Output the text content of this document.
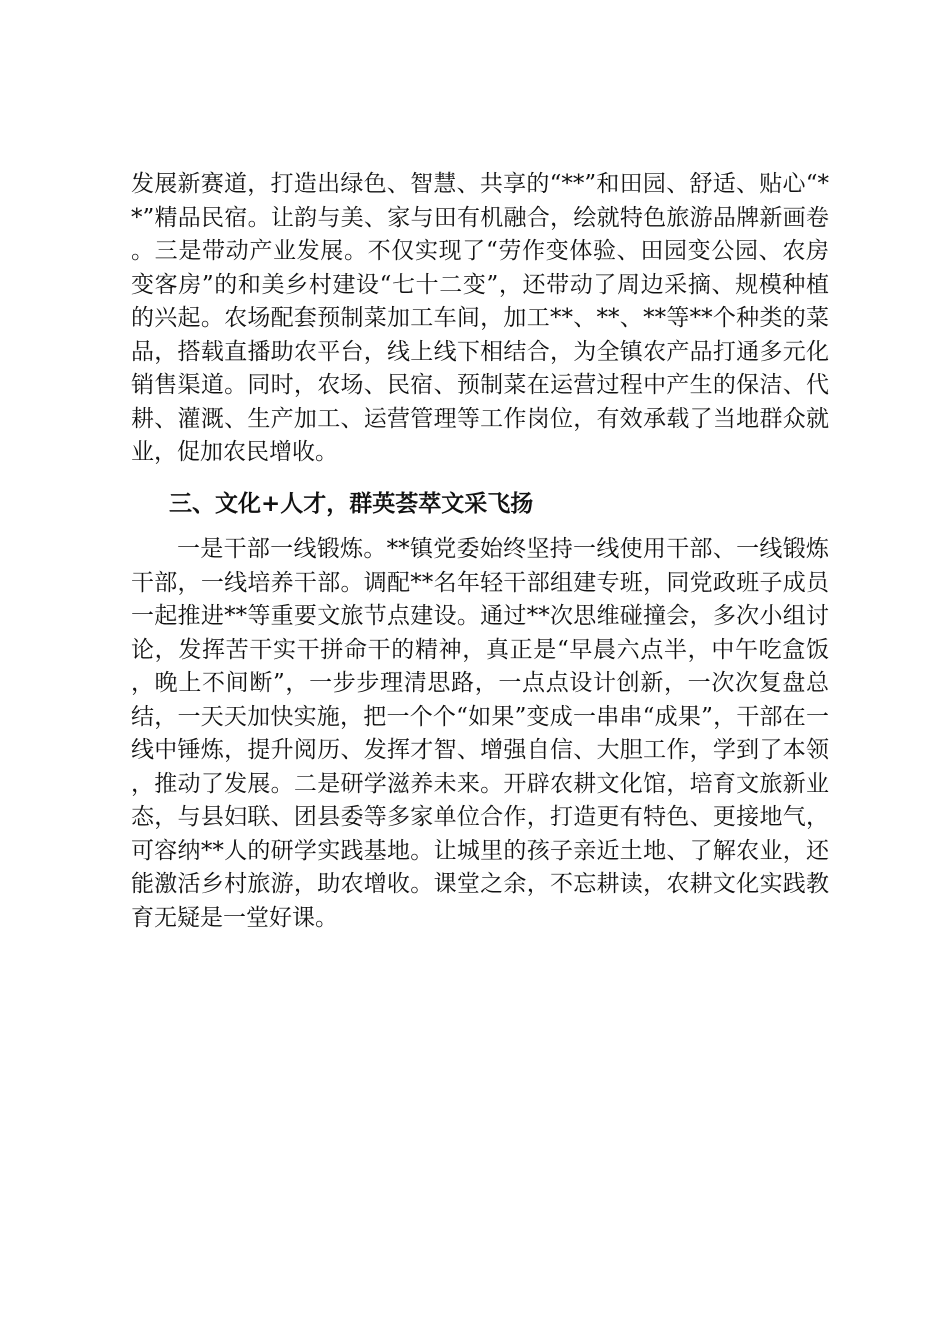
发展新赛道，打造出绿色、智慧、共享的“**”和田园、舒适、贴心“**”精品民宿。让韵与美、家与田有机融合，绘就特色旅游品牌新画卷。三是带动产业发展。不仅实现了“劳作变体验、田园变公园、农房变客房”的和美乡村建设“七十二变”，还带动了周边采摘、规模种植的兴起。农场配套预制菜加工车间，加工**、**、**等**个种类的菜品，搭载直播助农平台，线上线下相结合，为全镇农产品打通多元化销售渠道。同时，农场、民宿、预制菜在运营过程中产生的保洁、代耕、灌溉、生产加工、运营管理等工作岗位，有效承载了当地群众就业，促加农民增收。

三、文化+人才，群英荟萃文采飞扬

一是干部一线锻炼。**镇党委始终坚持一线使用干部、一线锻炼干部，一线培养干部。调配**名年轻干部组建专班，同党政班子成员一起推进**等重要文旅节点建设。通过**次思维碰撞会，多次小组讨论，发挥苦干实干拼命干的精神，真正是“早晨六点半，中午吃盒饭，晚上不间断”，一步步理清思路，一点点设计创新，一次次复盘总结，一天天加快实施，把一个个“如果”变成一串串“成果”，干部在一线中锤炼，提升阅历、发挥才智、增强自信、大胆工作，学到了本领，推动了发展。二是研学滋养未来。开辟农耕文化馆，培育文旅新业态，与县妇联、团县委等多家单位合作，打造更有特色、更接地气，可容纳**人的研学实践基地。让城里的孩子亲近土地、了解农业，还能激活乡村旅游，助农增收。课堂之余，不忘耕读，农耕文化实践教育无疑是一堂好课。
